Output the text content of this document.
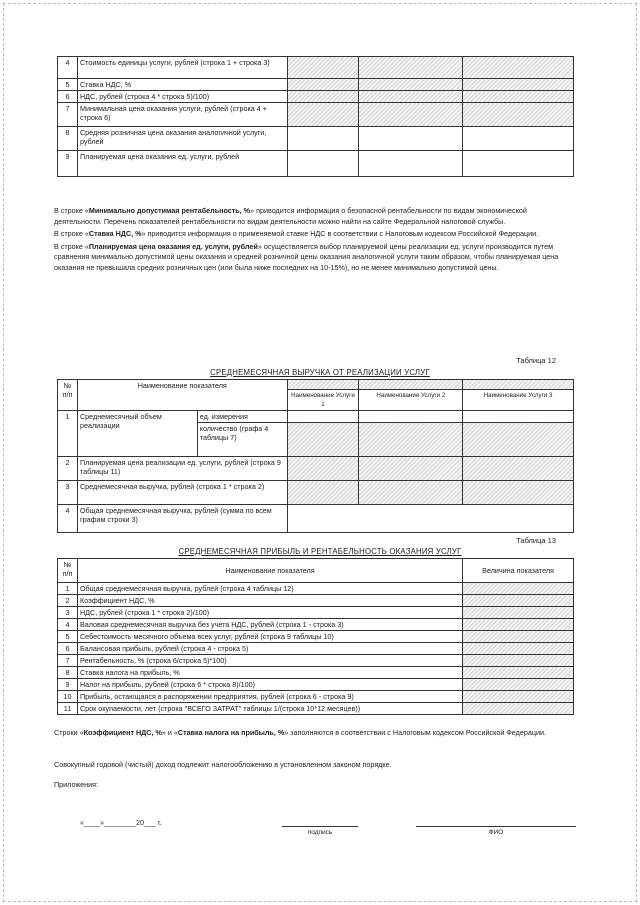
4	Стоимость единицы услуги, рублей (строка 1 + строка 3)			
5	Ставка НДС, %			
6	НДС, рублей (строка 4 * строка 5)/100)			
7	Минимальная цена оказания услуги, рублей (строка 4 + строка 6)			
8	Средняя розничная цена оказания аналогичной услуги, рублей			
9	Планируемая цена оказания ед. услуги, рублей			

В строке «Минимально допустимая рентабельность, %» приводится информация о безопасной рентабельности по видам экономической деятельности. Перечень показателей рентабельности по видам деятельности можно найти на сайте Федеральной налоговой службы.

В строке «Ставка НДС, %» приводится информация о применяемой ставке НДС в соответствии с Налоговым кодексом Российской Федерации.

В строке «Планируемая цена оказания ед. услуги, рублей» осуществляется выбор планируемой цены реализации ед. услуги производится путем сравнения минимально допустимой цены оказания и средней розничной цены оказания аналогичной услуги таким образом, чтобы планируемая цена оказания не превышала средних розничных цен (или была ниже последних на 10-15%), но не менее минимально допустимой цены.

Таблица 12
СРЕДНЕМЕСЯЧНАЯ ВЫРУЧКА ОТ РЕАЛИЗАЦИИ УСЛУГ
№ п/п	Наименование показателя				
			Наименование Услуги 1	Наименование Услуги 2	Наименование Услуги 3
1	Среднемесячный объем реализации	ед. измерения			
		количество (графа 4 таблицы 7)			
2	Планируемая цена реализации ед. услуги, рублей (строка 9 таблицы 11)				
3	Среднемесячная выручка, рублей (строка 1 * строка 2)				
4	Общая среднемесячная выручка, рублей (сумма по всем графам строки 3)				
Таблица 13
СРЕДНЕМЕСЯЧНАЯ ПРИБЫЛЬ И РЕНТАБЕЛЬНОСТЬ ОКАЗАНИЯ УСЛУГ
№ п/п	Наименование показателя	Величина показателя
1	Общая среднемесячная выручка, рублей (строка 4 таблицы 12)	
2	Коэффициент НДС, %	
3	НДС, рублей (строка 1 * строка 2)/100)	
4	Валовая среднемесячная выручка без учета НДС, рублей (строка 1 - строка 3)	
5	Себестоимость месячного объема всех услуг, рублей (строка 9 таблицы 10)	
6	Балансовая прибыль, рублей (строка 4 - строка 5)	
7	Рентабельность, % (строка 6/строка 5)*100)	
8	Ставка налога на прибыль, %	
9	Налог на прибыль, рублей (строка 6 * строка 8)/100)	
10	Прибыль, остающаяся в распоряжении предприятия, рублей (строка 6 - строка 9)	
11	Срок окупаемости, лет (строка "ВСЕГО ЗАТРАТ" таблицы 1/(строка 10*12 месяцев))	
Строки «Коэффициент НДС, %» и «Ставка налога на прибыль, %» заполняются в соответствии с Налоговым кодексом Российской Федерации.
Совокупный годовой (чистый) доход подлежит налогообложению в установленном законом порядке.
Приложения:
«____»________20___ г.
подпись	ФИО
